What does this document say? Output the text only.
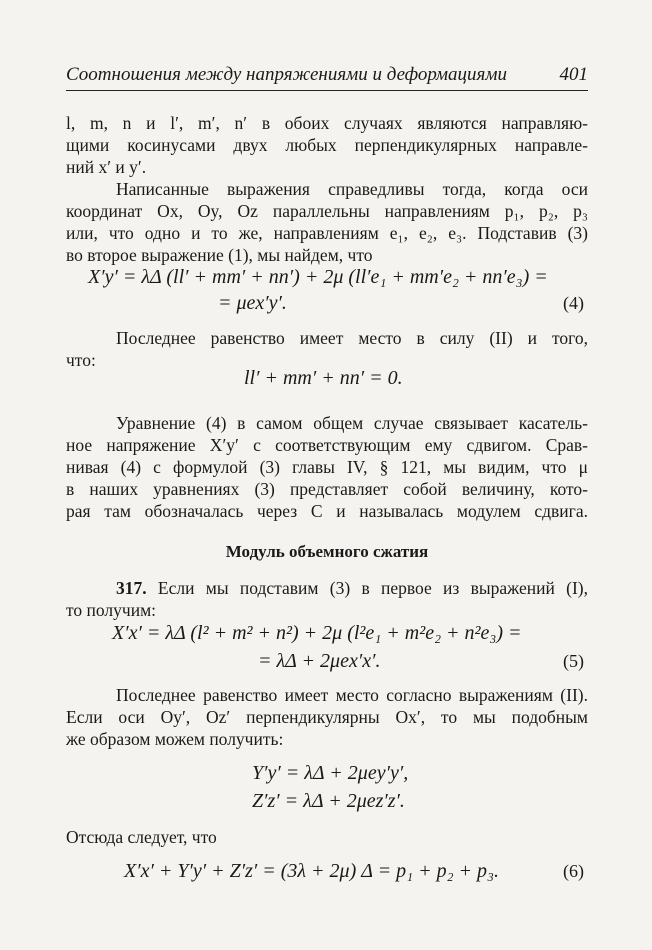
Соотношения между напряжениями и деформациями	401
l, m, n и l′, m′, n′ в обоих случаях являются направляю-
щими косинусами двух любых перпендикулярных направле-
ний x′ и y′.
Написанные выражения справедливы тогда, когда оси
координат Ox, Oy, Oz параллельны направлениям p₁, p₂, p₃
или, что одно и то же, направлениям e₁, e₂, e₃. Подставив (3)
во второе выражение (1), мы найдем, что
X′y′ = λΔ (ll′ + mm′ + nn′) + 2μ (ll′e₁ + mm′e₂ + nn′e₃) =
= μex′y′.	(4)
Последнее равенство имеет место в силу (II) и того,
что:
ll′ + mm′ + nn′ = 0.
Уравнение (4) в самом общем случае связывает касатель-
ное напряжение X′y′ с соответствующим ему сдвигом. Срав-
нивая (4) с формулой (3) главы IV, § 121, мы видим, что μ
в наших уравнениях (3) представляет собой величину, кото-
рая там обозначалась через C и называлась модулем сдвига.
Модуль объемного сжатия
317. Если мы подставим (3) в первое из выражений (I),
то получим:
X′x′ = λΔ (l² + m² + n²) + 2μ (l²e₁ + m²e₂ + n²e₃) =
= λΔ + 2μex′x′.	(5)
Последнее равенство имеет место согласно выражениям (II).
Если оси Oy′, Oz′ перпендикулярны Ox′, то мы подобным
же образом можем получить:
Y′y′ = λΔ + 2μey′y′,
Z′z′ = λΔ + 2μez′z′.
Отсюда следует, что
X′x′ + Y′y′ + Z′z′ = (3λ + 2μ) Δ = p₁ + p₂ + p₃.	(6)
